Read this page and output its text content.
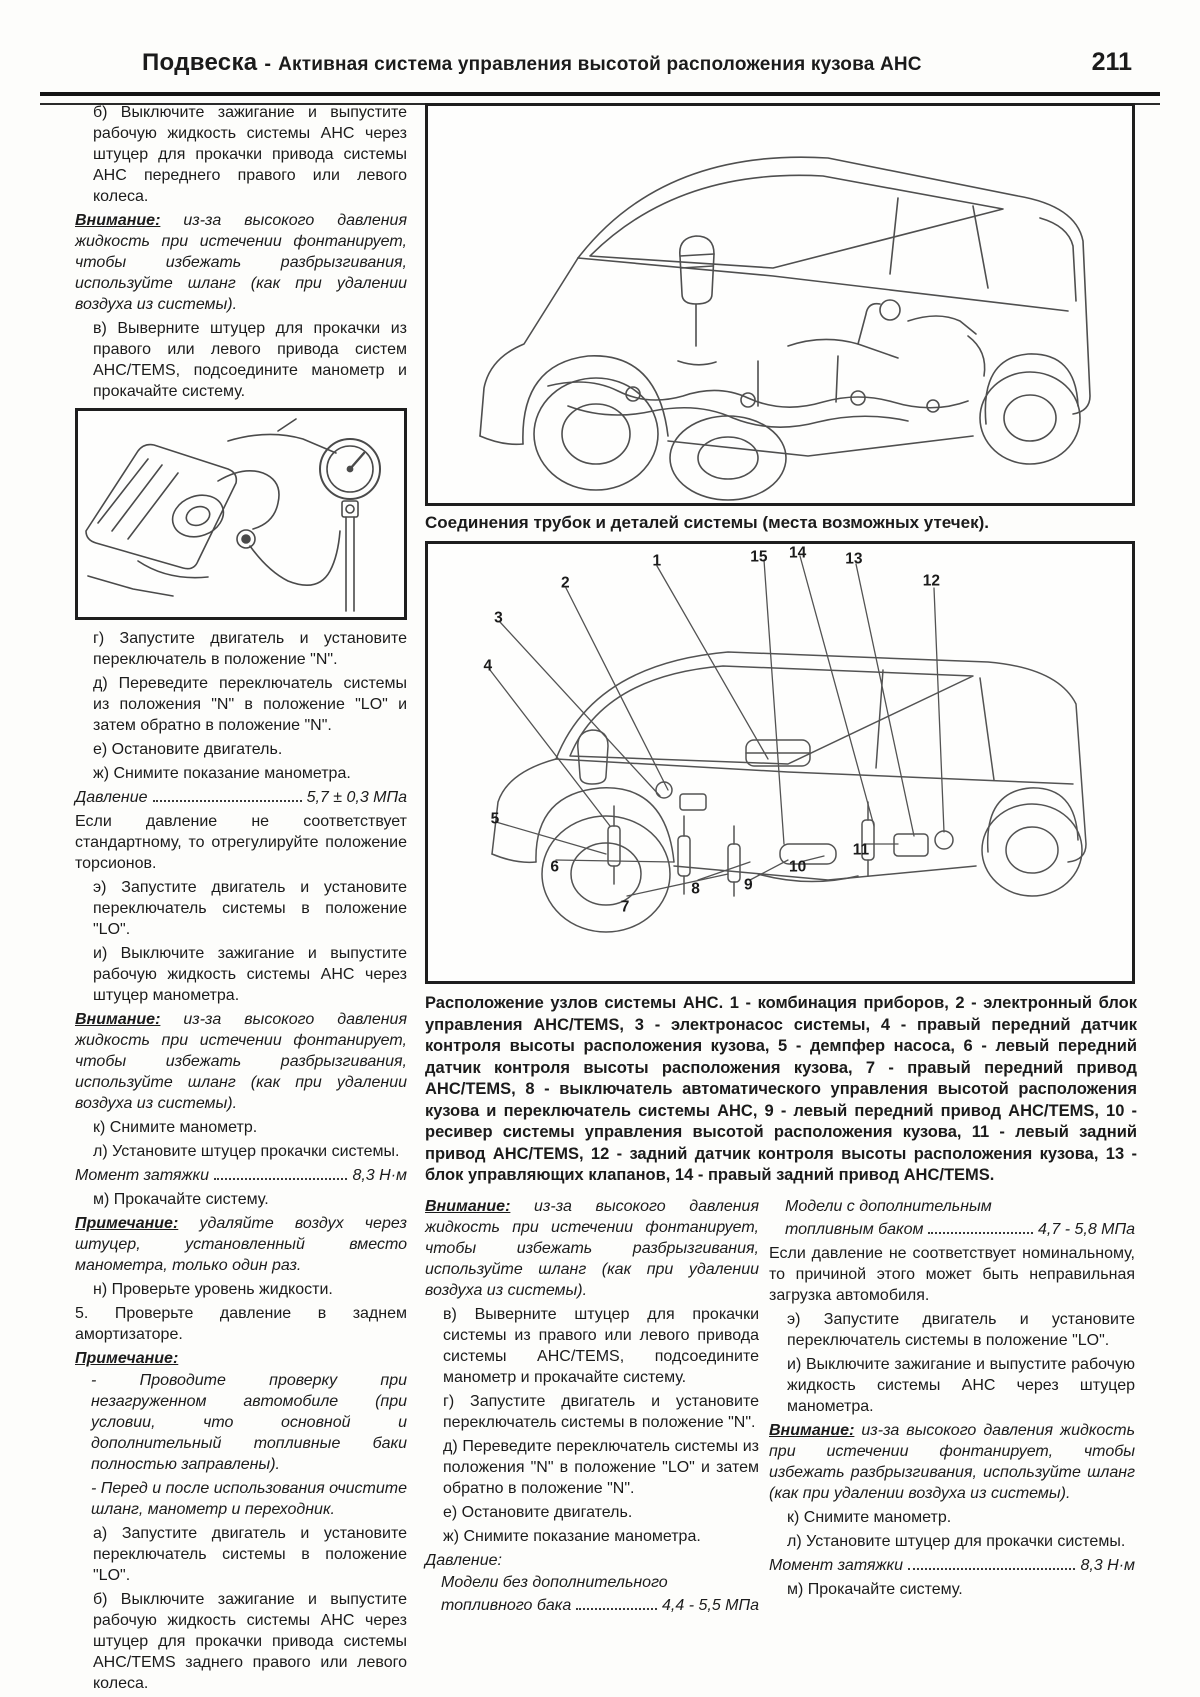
Подвеска - Активная система управления высотой расположения кузова АНС	211

б) Выключите зажигание и выпустите рабочую жидкость системы АНС через штуцер для прокачки привода системы АНС переднего правого или левого колеса.

Внимание: из-за высокого давления жидкость при истечении фонтанирует, чтобы избежать разбрызгивания, используйте шланг (как при удалении воздуха из системы).

в) Выверните штуцер для прокачки из правого или левого привода систем АНС/TEMS, подсоедините манометр и прокачайте систему.

г) Запустите двигатель и установите переключатель в положение "N".

д) Переведите переключатель системы из положения "N" в положение "LO" и затем обратно в положение "N".

е) Остановите двигатель.

ж) Снимите показание манометра.

Давление	5,7 ± 0,3 МПа

Если давление не соответствует стандартному, то отрегулируйте положение торсионов.

э) Запустите двигатель и установите переключатель системы в положение "LO".

и) Выключите зажигание и выпустите рабочую жидкость системы АНС через штуцер манометра.

Внимание: из-за высокого давления жидкость при истечении фонтанирует, чтобы избежать разбрызгивания, используйте шланг (как при удалении воздуха из системы).

к) Снимите манометр.

л) Установите штуцер прокачки системы.

Момент затяжки	8,3 Н·м

м) Прокачайте систему.

Примечание: удаляйте воздух через штуцер, установленный вместо манометра, только один раз.

н) Проверьте уровень жидкости.

5. Проверьте давление в заднем амортизаторе.

Примечание:

- Проводите проверку при незагруженном автомобиле (при условии, что основной и дополнительный топливные баки полностью заправлены).

- Перед и после использования очистите шланг, манометр и переходник.

а) Запустите двигатель и установите переключатель системы в положение "LO".

б) Выключите зажигание и выпустите рабочую жидкость системы АНС через штуцер для прокачки привода системы АНС/TEMS заднего правого или левого колеса.

Соединения трубок и деталей системы (места возможных утечек).
1
2
3
4
5
6
7
8	9
10
11
12
13
14
15
Расположение узлов системы АНС. 1 - комбинация приборов, 2 - электронный блок управления АНС/TEMS, 3 - электронасос системы, 4 - правый передний датчик контроля высоты расположения кузова, 5 - демпфер насоса, 6 - левый передний датчик контроля высоты расположения кузова, 7 - правый передний привод АНС/TEMS, 8 - выключатель автоматического управления высотой расположения кузова и переключатель системы АНС, 9 - левый передний привод АНС/TEMS, 10 - ресивер системы управления высотой расположения кузова, 11 - левый задний привод АНС/TEMS, 12 - задний датчик контроля высоты расположения кузова, 13 - блок управляющих клапанов, 14 - правый задний привод АНС/TEMS.

Внимание: из-за высокого давления жидкость при истечении фонтанирует, чтобы избежать разбрызгивания, используйте шланг (как при удалении воздуха из системы).

в) Выверните штуцер для прокачки системы из правого или левого привода системы АНС/TEMS, подсоедините манометр и прокачайте систему.

г) Запустите двигатель и установите переключатель системы в положение "N".

д) Переведите переключатель системы из положения "N" в положение "LO" и затем обратно в положение "N".

е) Остановите двигатель.

ж) Снимите показание манометра.

Давление:

Модели без дополнительного
топливного бака	4,4 - 5,5 МПа
Модели с дополнительным
топливным баком	4,7 - 5,8 МПа

Если давление не соответствует номинальному, то причиной этого может быть неправильная загрузка автомобиля.

э) Запустите двигатель и установите переключатель системы в положение "LO".

и) Выключите зажигание и выпустите рабочую жидкость системы АНС через штуцер манометра.

Внимание: из-за высокого давления жидкость при истечении фонтанирует, чтобы избежать разбрызгивания, используйте шланг (как при удалении воздуха из системы).

к) Снимите манометр.

л) Установите штуцер для прокачки системы.

Момент затяжки	8,3 Н·м

м) Прокачайте систему.
